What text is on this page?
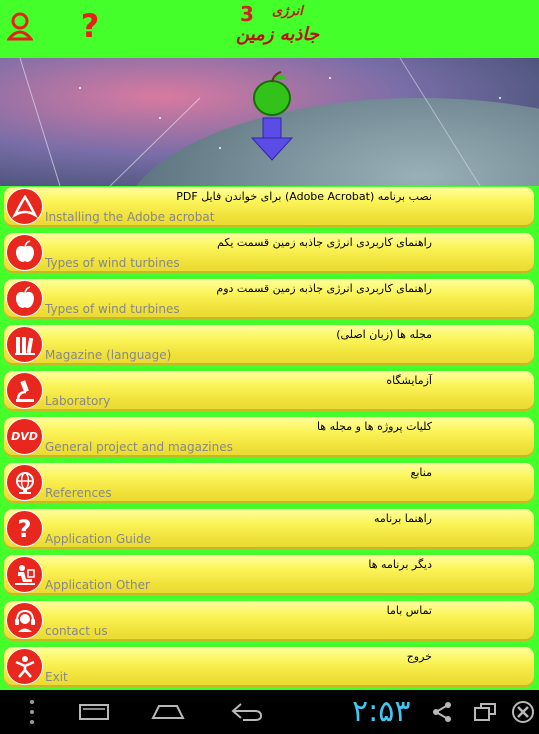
?	3 انرژی
جاذبه زمین
نصب برنامه (Adobe Acrobat) برای خواندن فایل PDF
Installing the Adobe acrobat
راهنمای کاربردی انرژی جاذبه زمین قسمت یکم
Types of wind turbines
راهنمای کاربردی انرژی جاذبه زمین قسمت دوم
Types of wind turbines
مجله ها (زبان اصلی)
Magazine (language)
آزمایشگاه
Laboratory
DVD
کلیات پروژه ها و مجله ها
General project and magazines
منابع
References
?	راهنما برنامه
Application Guide
دیگر برنامه ها
Application Other
تماس باما
contact us
خروج
Exit
۲:۵۳
